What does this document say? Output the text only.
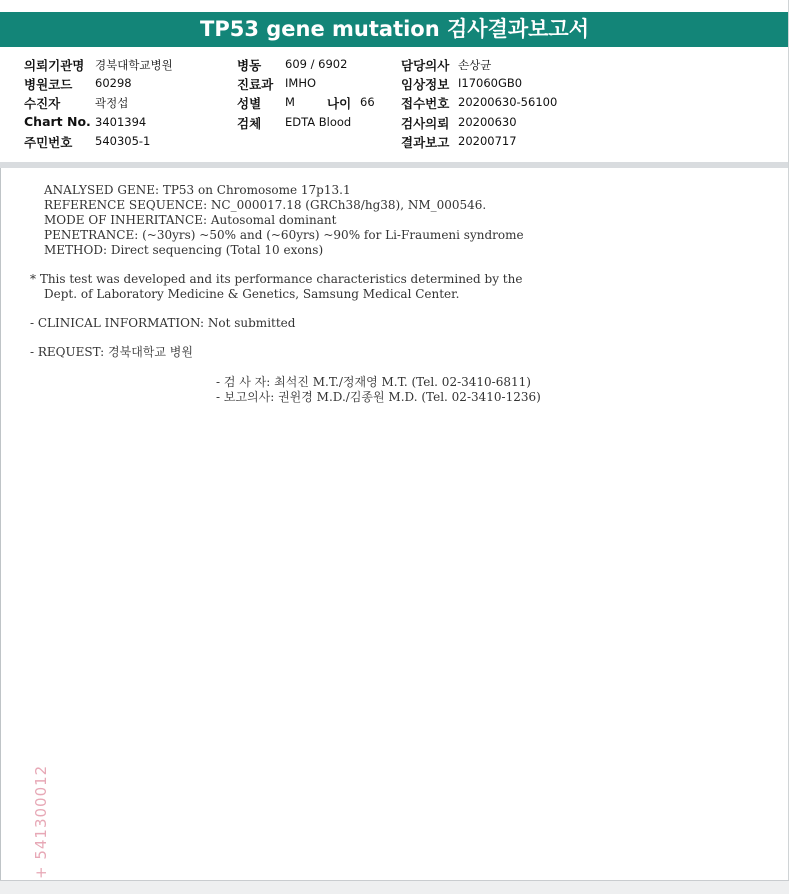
TP53 gene mutation 검사결과보고서
의뢰기관명 경북대학교병원
병원코드 60298
수진자	곽정섭
Chart No. 3401394
주민번호 540305-1
병동 609 / 6902
진료과 IMHO
성별 M	나이 66
검체 EDTA Blood
담당의사 손상균
임상정보 I17060GB0
접수번호 20200630-56100
검사의뢰 20200630
결과보고 20200717
ANALYSED GENE: TP53 on Chromosome 17p13.1
REFERENCE SEQUENCE: NC_000017.18 (GRCh38/hg38), NM_000546.
MODE OF INHERITANCE: Autosomal dominant
PENETRANCE: (~30yrs) ~50% and (~60yrs) ~90% for Li-Fraumeni syndrome
METHOD: Direct sequencing (Total 10 exons)
* This test was developed and its performance characteristics determined by the
Dept. of Laboratory Medicine & Genetics, Samsung Medical Center.
- CLINICAL INFORMATION: Not submitted
- REQUEST: 경북대학교 병원
- 검 사 자: 최석진 M.T./정재영 M.T. (Tel. 02-3410-6811)
- 보고의사: 권윈경 M.D./김종원 M.D. (Tel. 02-3410-1236)
+ 541300012
